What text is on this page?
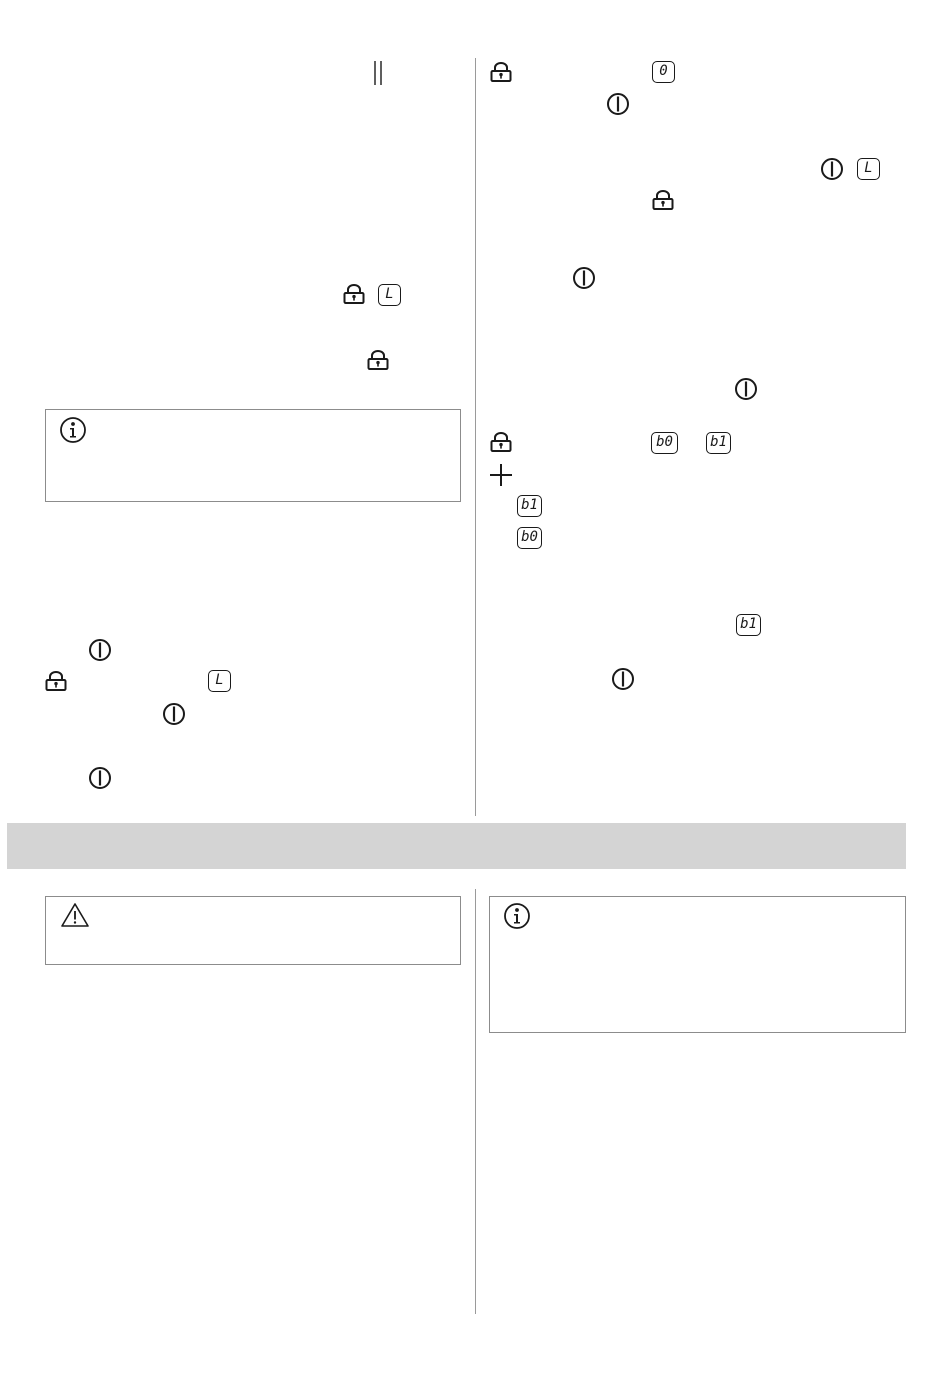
L
L
0
L
b0	b1
b1
b0
b1
